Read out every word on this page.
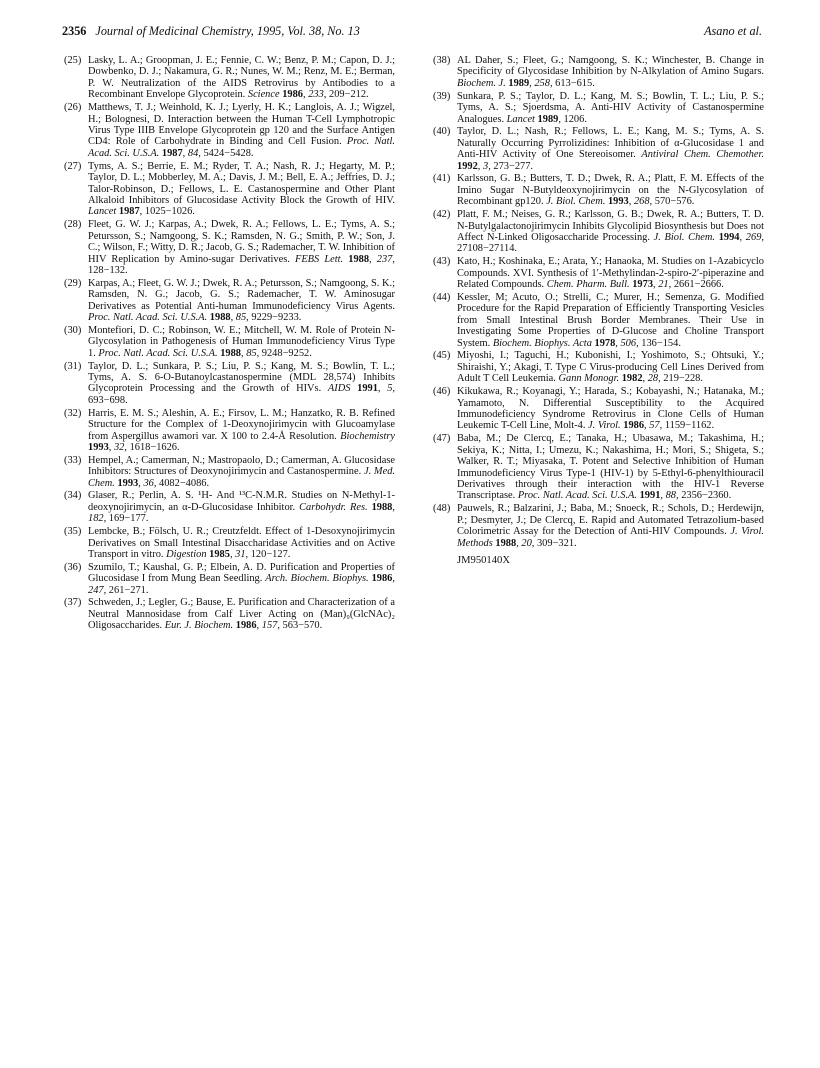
2356 Journal of Medicinal Chemistry, 1995, Vol. 38, No. 13	Asano et al.
(25) Lasky, L. A.; Groopman, J. E.; Fennie, C. W.; Benz, P. M.; Capon, D. J.; Dowbenko, D. J.; Nakamura, G. R.; Nunes, W. M.; Renz, M. E.; Berman, P. W. Neutralization of the AIDS Retrovirus by Antibodies to a Recombinant Envelope Glycoprotein. Science 1986, 233, 209−212.
(26) Matthews, T. J.; Weinhold, K. J.; Lyerly, H. K.; Langlois, A. J.; Wigzel, H.; Bolognesi, D. Interaction between the Human T-Cell Lymphotropic Virus Type IIIB Envelope Glycoprotein gp 120 and the Surface Antigen CD4: Role of Carbohydrate in Binding and Cell Fusion. Proc. Natl. Acad. Sci. U.S.A. 1987, 84, 5424−5428.
(27) Tyms, A. S.; Berrie, E. M.; Ryder, T. A.; Nash, R. J.; Hegarty, M. P.; Taylor, D. L.; Mobberley, M. A.; Davis, J. M.; Bell, E. A.; Jeffries, D. J.; Talor-Robinson, D.; Fellows, L. E. Castanospermine and Other Plant Alkaloid Inhibitors of Glucosidase Activity Block the Growth of HIV. Lancet 1987, 1025−1026.
(28) Fleet, G. W. J.; Karpas, A.; Dwek, R. A.; Fellows, L. E.; Tyms, A. S.; Petursson, S.; Namgoong, S. K.; Ramsden, N. G.; Smith, P. W.; Son, J. C.; Wilson, F.; Witty, D. R.; Jacob, G. S.; Rademacher, T. W. Inhibition of HIV Replication by Amino-sugar Derivatives. FEBS Lett. 1988, 237, 128−132.
(29) Karpas, A.; Fleet, G. W. J.; Dwek, R. A.; Petursson, S.; Namgoong, S. K.; Ramsden, N. G.; Jacob, G. S.; Rademacher, T. W. Aminosugar Derivatives as Potential Anti-human Immunodeficiency Virus Agents. Proc. Natl. Acad. Sci. U.S.A. 1988, 85, 9229−9233.
(30) Montefiori, D. C.; Robinson, W. E.; Mitchell, W. M. Role of Protein N-Glycosylation in Pathogenesis of Human Immunodeficiency Virus Type 1. Proc. Natl. Acad. Sci. U.S.A. 1988, 85, 9248−9252.
(31) Taylor, D. L.; Sunkara, P. S.; Liu, P. S.; Kang, M. S.; Bowlin, T. L.; Tyms, A. S. 6-O-Butanoylcastanospermine (MDL 28,574) Inhibits Glycoprotein Processing and the Growth of HIVs. AIDS 1991, 5, 693−698.
(32) Harris, E. M. S.; Aleshin, A. E.; Firsov, L. M.; Hanzatko, R. B. Refined Structure for the Complex of 1-Deoxynojirimycin with Glucoamylase from Aspergillus awamori var. X 100 to 2.4-Å Resolution. Biochemistry 1993, 32, 1618−1626.
(33) Hempel, A.; Camerman, N.; Mastropaolo, D.; Camerman, A. Glucosidase Inhibitors: Structures of Deoxynojirimycin and Castanospermine. J. Med. Chem. 1993, 36, 4082−4086.
(34) Glaser, R.; Perlin, A. S. ¹H- And ¹³C-N.M.R. Studies on N-Methyl-1-deoxynojirimycin, an α-D-Glucosidase Inhibitor. Carbohydr. Res. 1988, 182, 169−177.
(35) Lembcke, B.; Fölsch, U. R.; Creutzfeldt. Effect of 1-Desoxynojirimycin Derivatives on Small Intestinal Disaccharidase Activities and on Active Transport in vitro. Digestion 1985, 31, 120−127.
(36) Szumilo, T.; Kaushal, G. P.; Elbein, A. D. Purification and Properties of Glucosidase I from Mung Bean Seedling. Arch. Biochem. Biophys. 1986, 247, 261−271.
(37) Schweden, J.; Legler, G.; Bause, E. Purification and Characterization of a Neutral Mannosidase from Calf Liver Acting on (Man)₉(GlcNAc)₂ Oligosaccharides. Eur. J. Biochem. 1986, 157, 563−570.
(38) AL Daher, S.; Fleet, G.; Namgoong, S. K.; Winchester, B. Change in Specificity of Glycosidase Inhibition by N-Alkylation of Amino Sugars. Biochem. J. 1989, 258, 613−615.
(39) Sunkara, P. S.; Taylor, D. L.; Kang, M. S.; Bowlin, T. L.; Liu, P. S.; Tyms, A. S.; Sjoerdsma, A. Anti-HIV Activity of Castanospermine Analogues. Lancet 1989, 1206.
(40) Taylor, D. L.; Nash, R.; Fellows, L. E.; Kang, M. S.; Tyms, A. S. Naturally Occurring Pyrrolizidines: Inhibition of α-Glucosidase 1 and Anti-HIV Activity of One Stereoisomer. Antiviral Chem. Chemother. 1992, 3, 273−277.
(41) Karlsson, G. B.; Butters, T. D.; Dwek, R. A.; Platt, F. M. Effects of the Imino Sugar N-Butyldeoxynojirimycin on the N-Glycosylation of Recombinant gp120. J. Biol. Chem. 1993, 268, 570−576.
(42) Platt, F. M.; Neises, G. R.; Karlsson, G. B.; Dwek, R. A.; Butters, T. D. N-Butylgalactonojirimycin Inhibits Glycolipid Biosynthesis but Does not Affect N-Linked Oligosaccharide Processing. J. Biol. Chem. 1994, 269, 27108−27114.
(43) Kato, H.; Koshinaka, E.; Arata, Y.; Hanaoka, M. Studies on 1-Azabicyclo Compounds. XVI. Synthesis of 1′-Methylindan-2-spiro-2′-piperazine and Related Compounds. Chem. Pharm. Bull. 1973, 21, 2661−2666.
(44) Kessler, M; Acuto, O.; Strelli, C.; Murer, H.; Semenza, G. Modified Procedure for the Rapid Preparation of Efficiently Transporting Vesicles from Small Intestinal Brush Border Membranes. Their Use in Investigating Some Properties of D-Glucose and Choline Transport System. Biochem. Biophys. Acta 1978, 506, 136−154.
(45) Miyoshi, I.; Taguchi, H.; Kubonishi, I.; Yoshimoto, S.; Ohtsuki, Y.; Shiraishi, Y.; Akagi, T. Type C Virus-producing Cell Lines Derived from Adult T Cell Leukemia. Gann Monogr. 1982, 28, 219−228.
(46) Kikukawa, R.; Koyanagi, Y.; Harada, S.; Kobayashi, N.; Hatanaka, M.; Yamamoto, N. Differential Susceptibility to the Acquired Immunodeficiency Syndrome Retrovirus in Clone Cells of Human Leukemic T-Cell Line, Molt-4. J. Virol. 1986, 57, 1159−1162.
(47) Baba, M.; De Clercq, E.; Tanaka, H.; Ubasawa, M.; Takashima, H.; Sekiya, K.; Nitta, I.; Umezu, K.; Nakashima, H.; Mori, S.; Shigeta, S.; Walker, R. T.; Miyasaka, T. Potent and Selective Inhibition of Human Immunodeficiency Virus Type-1 (HIV-1) by 5-Ethyl-6-phenylthiouracil Derivatives through their interaction with the HIV-1 Reverse Transcriptase. Proc. Natl. Acad. Sci. U.S.A. 1991, 88, 2356−2360.
(48) Pauwels, R.; Balzarini, J.; Baba, M.; Snoeck, R.; Schols, D.; Herdewijn, P.; Desmyter, J.; De Clercq, E. Rapid and Automated Tetrazolium-based Colorimetric Assay for the Detection of Anti-HIV Compounds. J. Virol. Methods 1988, 20, 309−321.
JM950140X
